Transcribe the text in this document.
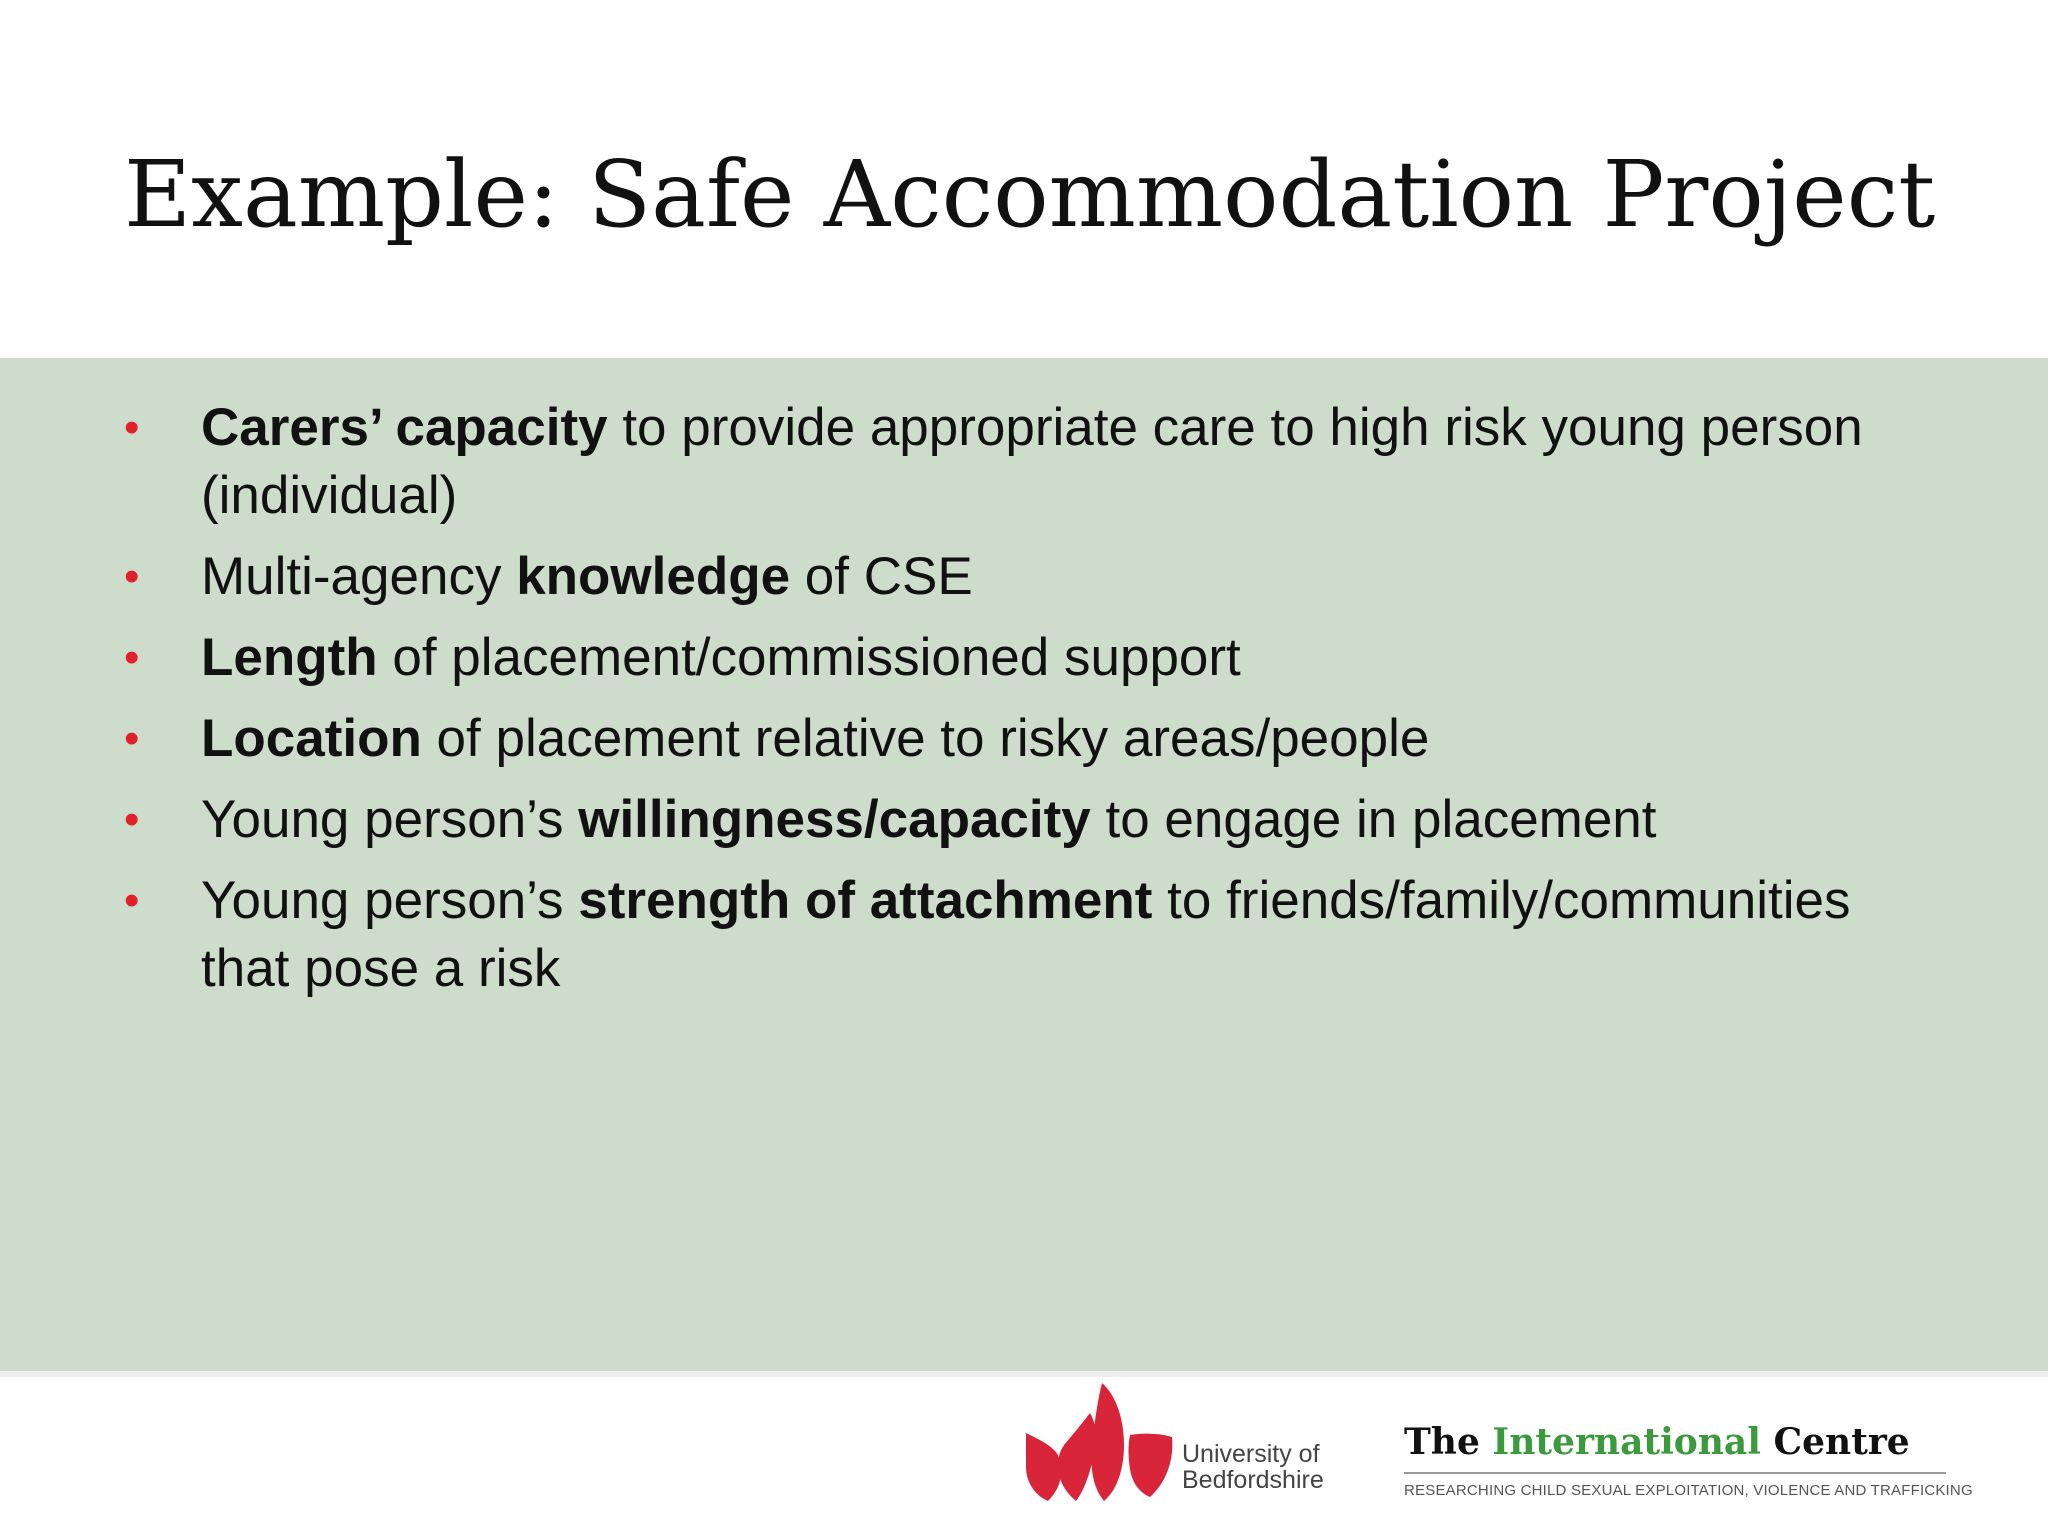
Example: Safe Accommodation Project
•	Carers’ capacity to provide appropriate care to high risk young person (individual)
•	Multi-agency knowledge of CSE
•	Length of placement/commissioned support
•	Location of placement relative to risky areas/people
•	Young person’s willingness/capacity to engage in placement
•	Young person’s strength of attachment to friends/family/communities that pose a risk
University of
Bedfordshire
The International Centre
RESEARCHING CHILD SEXUAL EXPLOITATION, VIOLENCE AND TRAFFICKING
